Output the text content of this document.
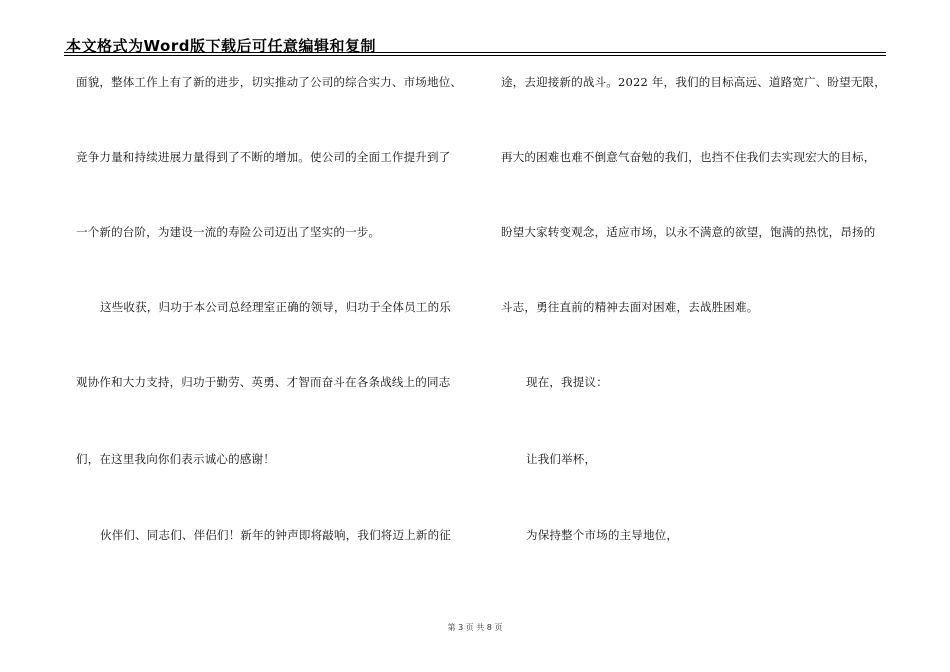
本文格式为Word版下载后可任意编辑和复制
面貌，整体工作上有了新的进步，切实推动了公司的综合实力、市场地位、
竞争力量和持续进展力量得到了不断的增加。使公司的全面工作提升到了
一个新的台阶，为建设一流的寿险公司迈出了坚实的一步。
这些收获，归功于本公司总经理室正确的领导，归功于全体员工的乐
观协作和大力支持，归功于勤劳、英勇、才智而奋斗在各条战线上的同志
们，在这里我向你们表示诚心的感谢！
伙伴们、同志们、伴侣们！新年的钟声即将敲响，我们将迈上新的征
途，去迎接新的战斗。2022 年，我们的目标高远、道路宽广、盼望无限，
再大的困难也难不倒意气奋勉的我们，也挡不住我们去实现宏大的目标，
盼望大家转变观念，适应市场，以永不满意的欲望，饱满的热忱，昂扬的
斗志，勇往直前的精神去面对困难，去战胜困难。
现在，我提议：
让我们举杯，
为保持整个市场的主导地位，
第 3 页 共 8 页
